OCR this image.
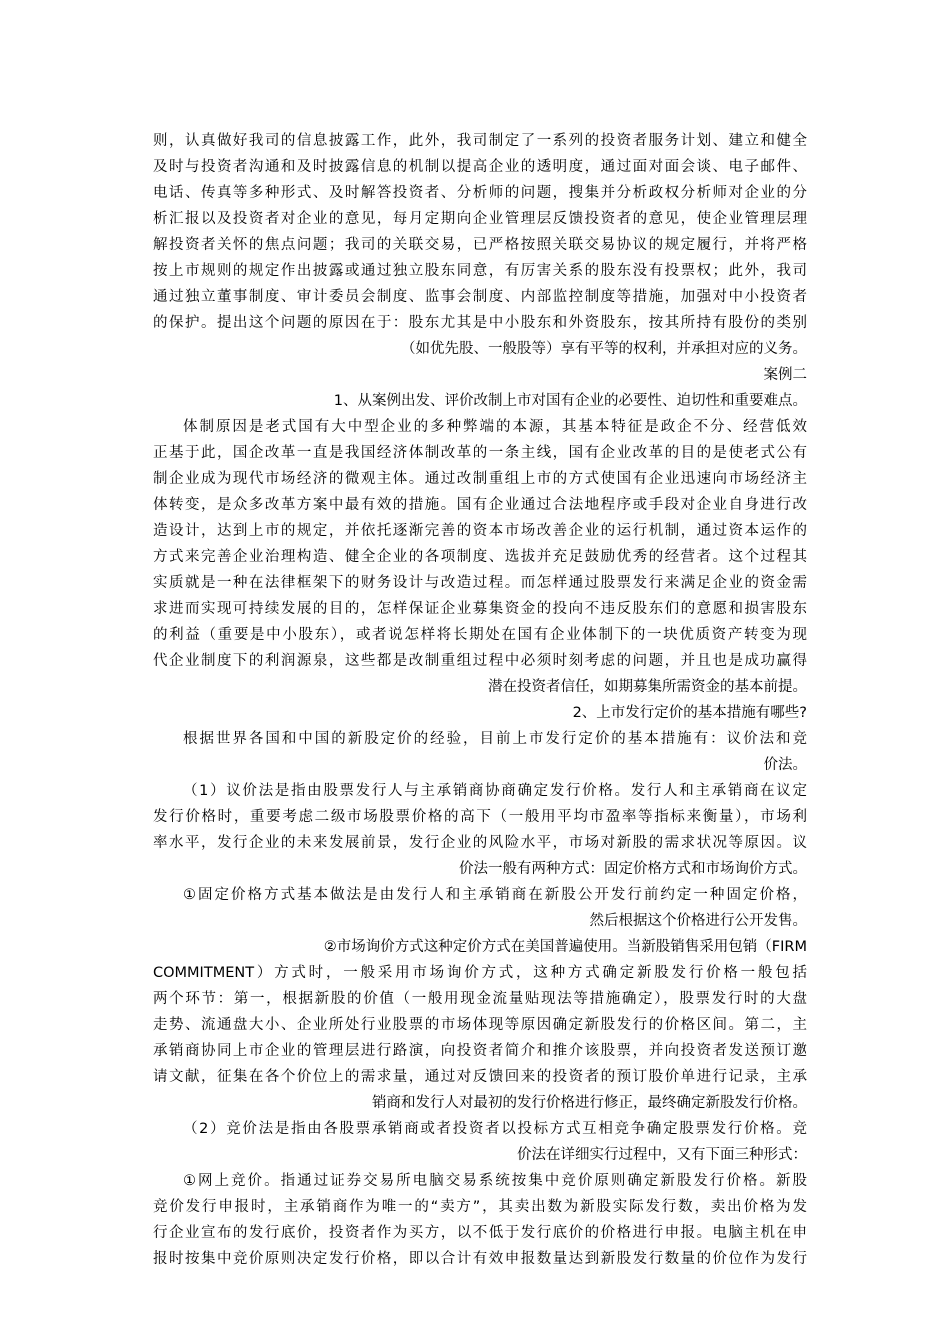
则，认真做好我司的信息披露工作，此外，我司制定了一系列的投资者服务计划、建立和健全
及时与投资者沟通和及时披露信息的机制以提高企业的透明度，通过面对面会谈、电子邮件、
电话、传真等多种形式、及时解答投资者、分析师的问题，搜集并分析政权分析师对企业的分
析汇报以及投资者对企业的意见，每月定期向企业管理层反馈投资者的意见，使企业管理层理
解投资者关怀的焦点问题；我司的关联交易，已严格按照关联交易协议的规定履行，并将严格
按上市规则的规定作出披露或通过独立股东同意，有厉害关系的股东没有投票权；此外，我司
通过独立董事制度、审计委员会制度、监事会制度、内部监控制度等措施，加强对中小投资者
的保护。提出这个问题的原因在于：股东尤其是中小股东和外资股东，按其所持有股份的类别
（如优先股、一般股等）享有平等的权利，并承担对应的义务。
案例二
1、从案例出发、评价改制上市对国有企业的必要性、迫切性和重要难点。
体制原因是老式国有大中型企业的多种弊端的本源，其基本特征是政企不分、经营低效
正基于此，国企改革一直是我国经济体制改革的一条主线，国有企业改革的目的是使老式公有
制企业成为现代市场经济的微观主体。通过改制重组上市的方式使国有企业迅速向市场经济主
体转变，是众多改革方案中最有效的措施。国有企业通过合法地程序或手段对企业自身进行改
造设计，达到上市的规定，并依托逐渐完善的资本市场改善企业的运行机制，通过资本运作的
方式来完善企业治理构造、健全企业的各项制度、选拔并充足鼓励优秀的经营者。这个过程其
实质就是一种在法律框架下的财务设计与改造过程。而怎样通过股票发行来满足企业的资金需
求进而实现可持续发展的目的，怎样保证企业募集资金的投向不违反股东们的意愿和损害股东
的利益（重要是中小股东），或者说怎样将长期处在国有企业体制下的一块优质资产转变为现
代企业制度下的利润源泉，这些都是改制重组过程中必须时刻考虑的问题，并且也是成功赢得
潜在投资者信任，如期募集所需资金的基本前提。
2、上市发行定价的基本措施有哪些?
根据世界各国和中国的新股定价的经验，目前上市发行定价的基本措施有：议价法和竞
价法。
（1）议价法是指由股票发行人与主承销商协商确定发行价格。发行人和主承销商在议定
发行价格时，重要考虑二级市场股票价格的高下（一般用平均市盈率等指标来衡量），市场利
率水平，发行企业的未来发展前景，发行企业的风险水平，市场对新股的需求状况等原因。议
价法一般有两种方式：固定价格方式和市场询价方式。
①固定价格方式基本做法是由发行人和主承销商在新股公开发行前约定一种固定价格，
然后根据这个价格进行公开发售。
②市场询价方式这种定价方式在美国普遍使用。当新股销售采用包销（FIRM
COMMITMENT）方式时，一般采用市场询价方式，这种方式确定新股发行价格一般包括
两个环节：第一，根据新股的价值（一般用现金流量贴现法等措施确定），股票发行时的大盘
走势、流通盘大小、企业所处行业股票的市场体现等原因确定新股发行的价格区间。第二，主
承销商协同上市企业的管理层进行路演，向投资者简介和推介该股票，并向投资者发送预订邀
请文献，征集在各个价位上的需求量，通过对反馈回来的投资者的预订股价单进行记录，主承
销商和发行人对最初的发行价格进行修正，最终确定新股发行价格。
（2）竞价法是指由各股票承销商或者投资者以投标方式互相竞争确定股票发行价格。竞
价法在详细实行过程中，又有下面三种形式：
①网上竞价。指通过证券交易所电脑交易系统按集中竞价原则确定新股发行价格。新股
竞价发行申报时，主承销商作为唯一的“卖方”，其卖出数为新股实际发行数，卖出价格为发
行企业宣布的发行底价，投资者作为买方，以不低于发行底价的价格进行申报。电脑主机在申
报时按集中竞价原则决定发行价格，即以合计有效申报数量达到新股发行数量的价位作为发行
